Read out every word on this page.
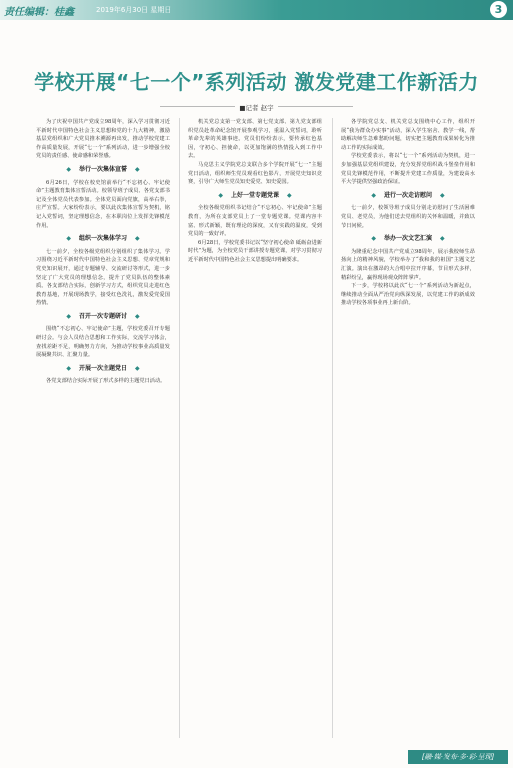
责任编辑：桂鑫	2019年6月30日 星期日	3
学校开展“七一个”系列活动 激发党建工作新活力
■记者 赵宇

为了庆祝中国共产党成立98周年，深入学习贯彻习近平新时代中国特色社会主义思想和党的十九大精神，激励基层党组织和广大党员推本溯源再出发，推动学校党建工作高质量发展，开展“七一个”系列活动，进一步增强全校党员的责任感、使命感和荣誉感。

◆ 举行一次集体宣誓 ◆

6月26日，学校在校史馆前举行“不忘初心、牢记使命”主题教育集体宣誓活动。校领导班子成员、各党支部书记及全体党员代表参加。全体党员面向党旗，高举右拳，庄严宣誓。大家纷纷表示，要以此次集体宣誓为契机，铭记入党誓词，坚定理想信念，在本职岗位上发挥先锋模范作用。

◆ 组织一次集体学习 ◆

七一前夕，全校各级党组织分别组织了集体学习。学习围绕习近平新时代中国特色社会主义思想、党章党规和党史知识展开，通过专题辅导、交流研讨等形式，进一步坚定了广大党员的理想信念，提升了党员队伍的整体素质。各支部结合实际，创新学习方式，组织党员走进红色教育基地，开展现场教学，接受红色洗礼，激发爱党爱国热情。

◆ 召开一次专题研讨 ◆

围绕“不忘初心、牢记使命”主题，学校党委召开专题研讨会。与会人员结合思想和工作实际，交流学习体会，查找差距不足，明确努力方向，为推动学校事业高质量发展凝聚共识、汇聚力量。

◆ 开展一次主题党日 ◆

各党支部结合实际开展了形式多样的主题党日活动。

机关党总支第一党支部、第七党支部、第九党支部组织党员赴革命纪念馆开展参观学习，重温入党誓词，聆听革命先辈的英雄事迹。党员们纷纷表示，要传承红色基因，守初心、担使命，以更加饱满的热情投入到工作中去。

马克思主义学院党总支联合多个学院开展“七一”主题党日活动，组织师生党员观看红色影片，开展党史知识竞赛，引导广大师生党员知史爱党、知史爱国。

◆ 上好一堂专题党课 ◆

全校各级党组织书记结合“不忘初心、牢记使命”主题教育，为所在支部党员上了一堂专题党课。党课内容丰富、形式新颖，既有理论的深度，又有实践的温度，受到党员的一致好评。

6月28日，学校党委书记以“坚守初心使命 砥砺奋进新时代”为题，为全校党员干部讲授专题党课，对学习贯彻习近平新时代中国特色社会主义思想提出明确要求。

各学院党总支、机关党总支围绕中心工作，组织开展“我为群众办实事”活动，深入学生宿舍、教学一线，帮助解决师生急难愁盼问题，切实把主题教育成果转化为推动工作的实际成效。

学校党委表示，将以“七一个”系列活动为契机，进一步加强基层党组织建设，充分发挥党组织战斗堡垒作用和党员先锋模范作用，不断提升党建工作质量，为建设高水平大学提供坚强政治保证。

◆ 进行一次走访慰问 ◆

七一前夕，校领导班子成员分别走访慰问了生活困难党员、老党员，为他们送去党组织的关怀和温暖，并致以节日问候。

◆ 举办一次文艺汇演 ◆

为隆重纪念中国共产党成立98周年，展示我校师生昂扬向上的精神风貌，学校举办了“我和我的祖国”主题文艺汇演。演出在激昂的大合唱中拉开序幕，节目形式多样，精彩纷呈，赢得现场观众阵阵掌声。

下一步，学校将以此次“七一个”系列活动为新起点，继续推动全面从严治党向纵深发展，以党建工作的新成效推动学校各项事业再上新台阶。

[融·媒·发布·多·彩·呈现]
